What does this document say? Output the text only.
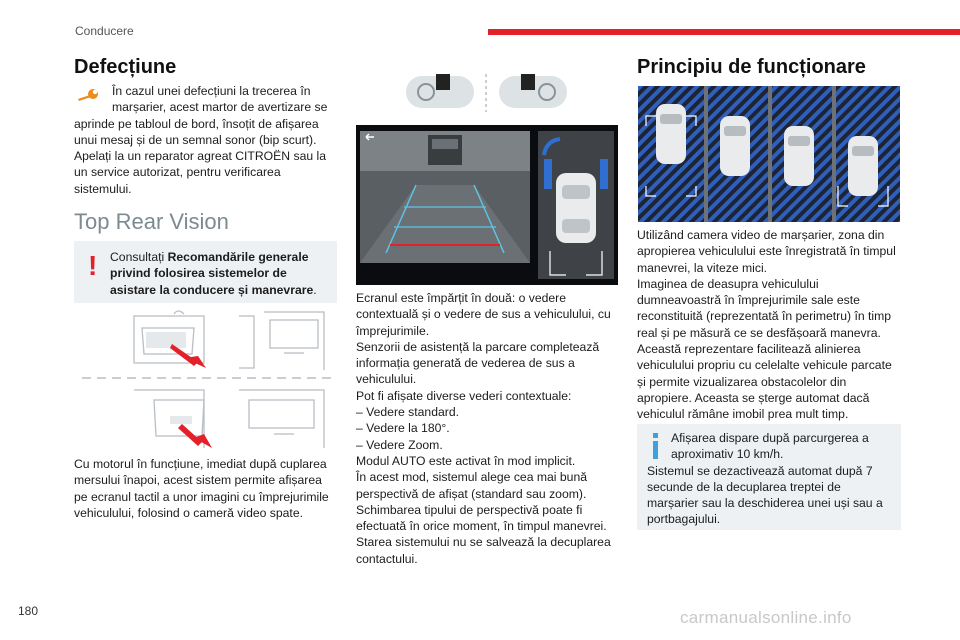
Conducere
Defecțiune
În cazul unei defecțiuni la trecerea în
marșarier, acest martor de avertizare se
aprinde pe tabloul de bord, însoțit de afișarea unui mesaj și de un semnal sonor (bip scurt). Apelați la un reparator agreat CITROËN sau la un service autorizat, pentru verificarea sistemului.
Top Rear Vision
!	Consultați Recomandările generale privind folosirea sistemelor de asistare la conducere și manevrare.
Cu motorul în funcțiune, imediat după cuplarea mersului înapoi, acest sistem permite afișarea pe ecranul tactil a unor imagini cu împrejurimile vehiculului, folosind o cameră video spate.
Ecranul este împărțit în două: o vedere contextuală și o vedere de sus a vehiculului, cu împrejurimile.
Senzorii de asistență la parcare completează informația generată de vederea de sus a vehiculului.
Pot fi afișate diverse vederi contextuale:
– Vedere standard.
– Vedere la 180°.
– Vedere Zoom.
Modul AUTO este activat în mod implicit.
În acest mod, sistemul alege cea mai bună perspectivă de afișat (standard sau zoom).
Schimbarea tipului de perspectivă poate fi efectuată în orice moment, în timpul manevrei.
Starea sistemului nu se salvează la decuplarea contactului.
Principiu de funcționare
Utilizând camera video de marșarier, zona din apropierea vehiculului este înregistrată în timpul manevrei, la viteze mici.
Imaginea de deasupra vehiculului dumneavoastră în împrejurimile sale este reconstituită (reprezentată în perimetru) în timp real și pe măsură ce se desfășoară manevra.
Această reprezentare facilitează alinierea vehiculului propriu cu celelalte vehicule parcate și permite vizualizarea obstacolelor din apropiere. Aceasta se șterge automat dacă vehiculul rămâne imobil prea mult timp.
Afișarea dispare după parcurgerea a
aproximativ 10 km/h.
Sistemul se dezactivează automat după 7 secunde de la decuplarea treptei de marșarier sau la deschiderea unei uși sau a portbagajului.
180	carmanualsonline.info
